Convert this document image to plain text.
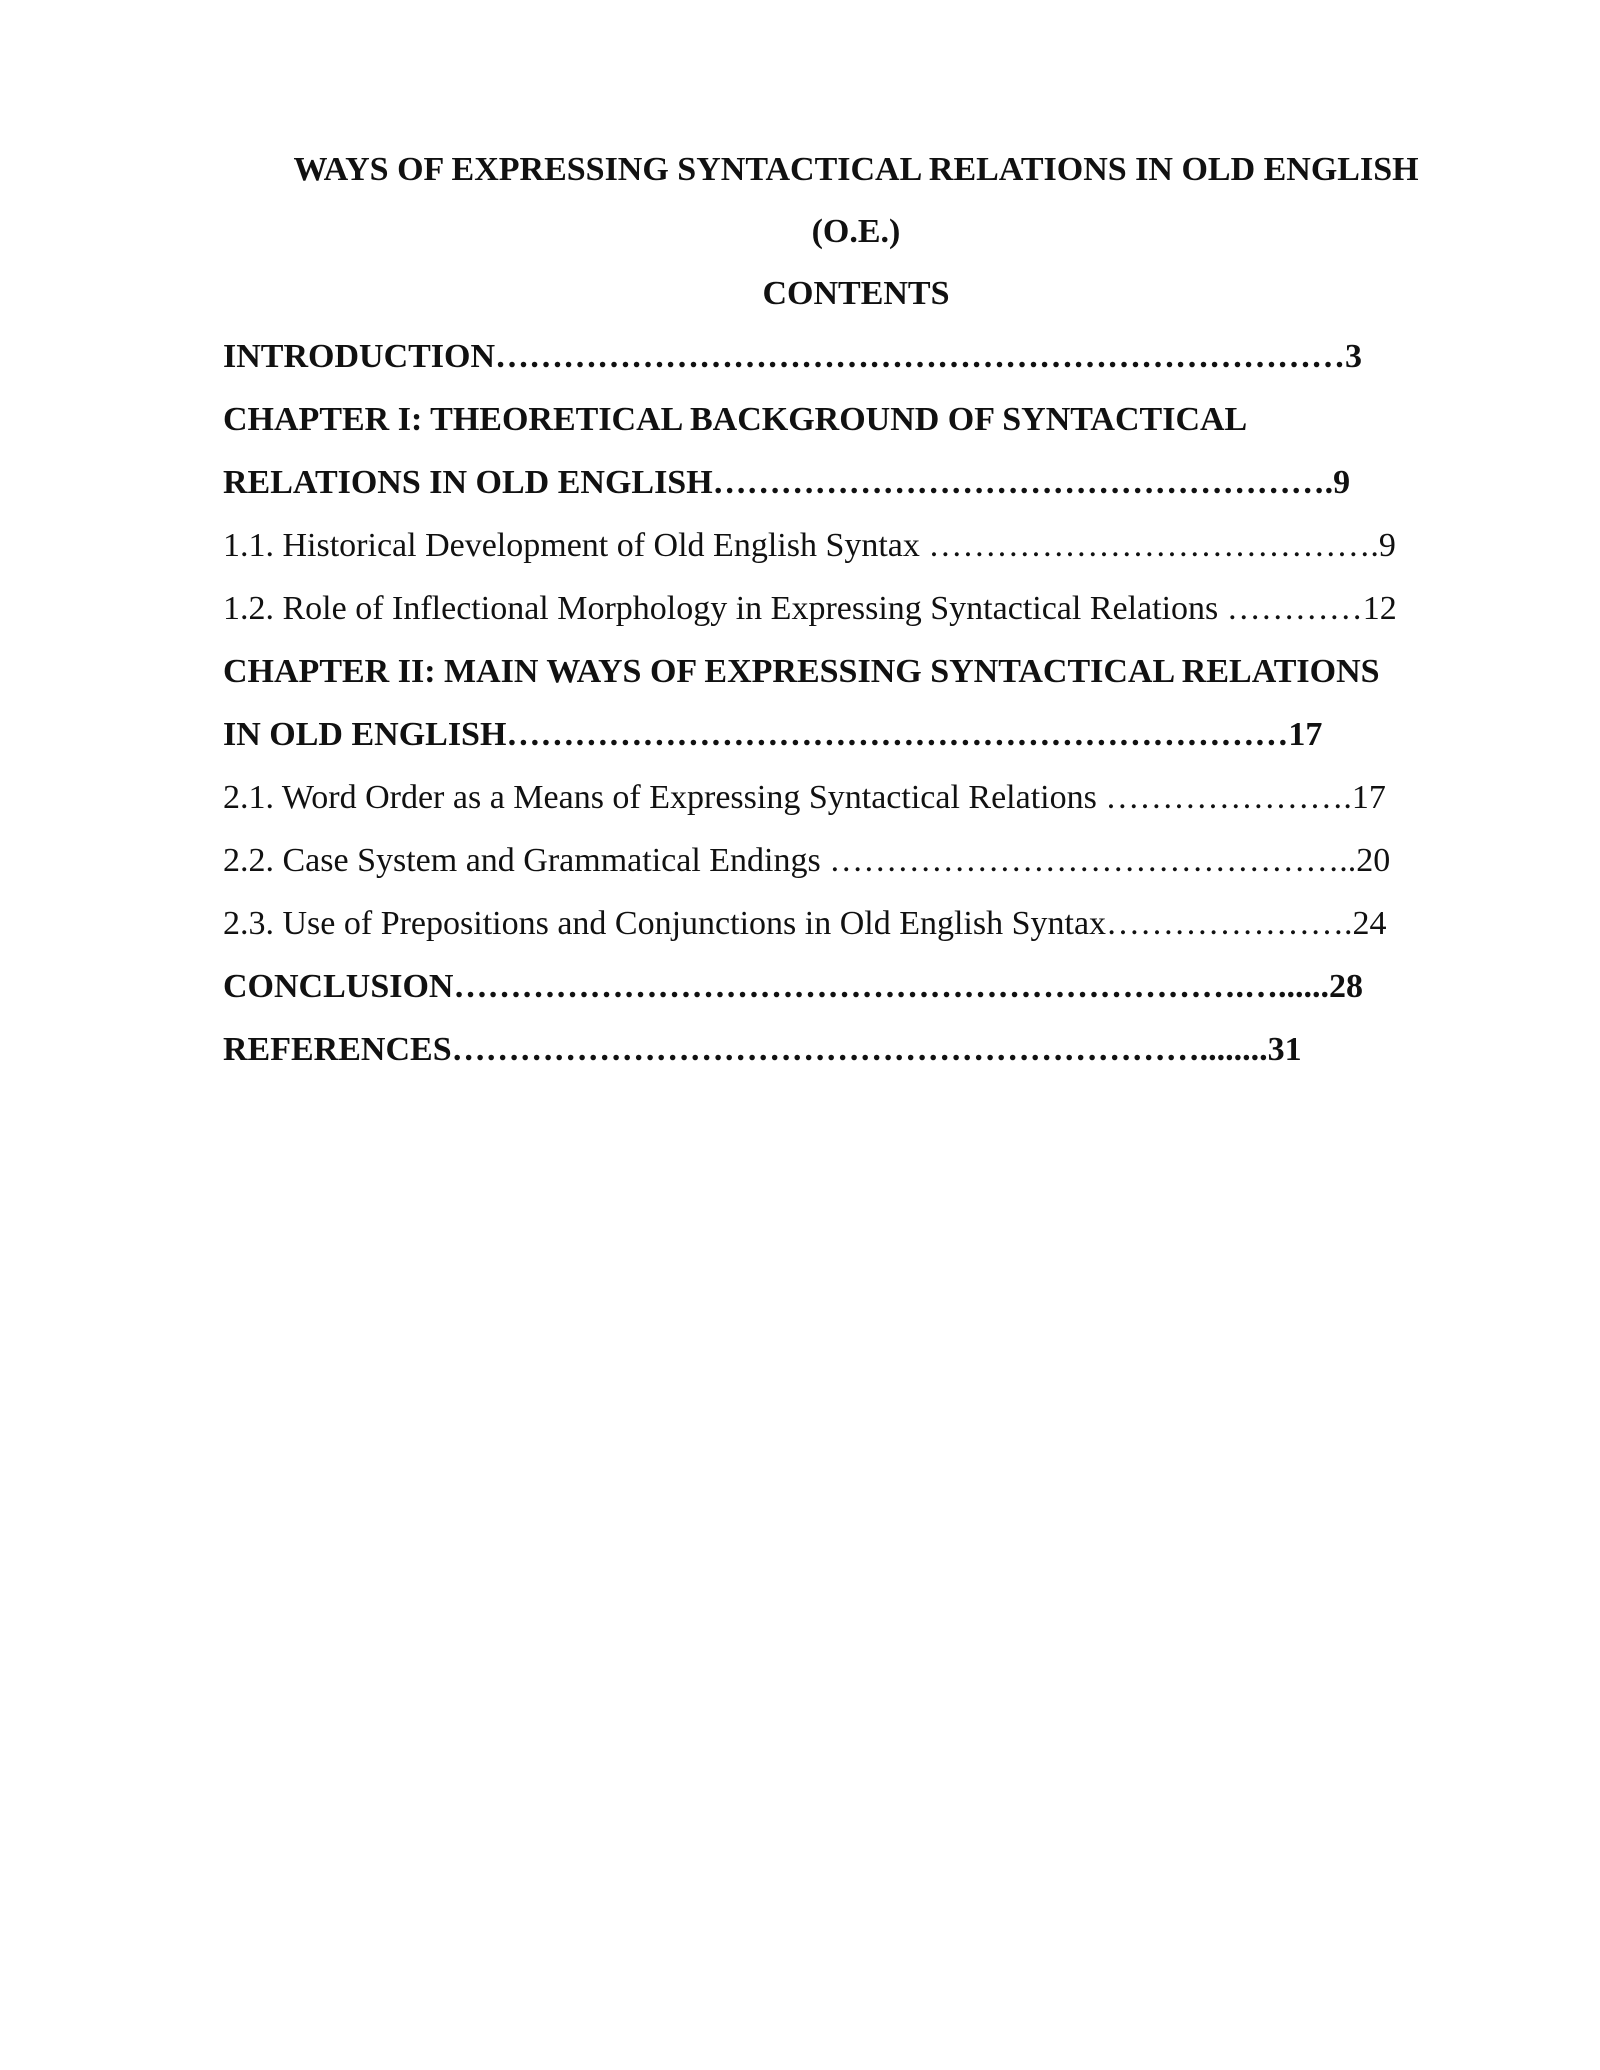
WAYS OF EXPRESSING SYNTACTICAL RELATIONS IN OLD ENGLISH
(O.E.)
CONTENTS
INTRODUCTION…………………………………………………………………3
CHAPTER I: THEORETICAL BACKGROUND OF SYNTACTICAL
RELATIONS IN OLD ENGLISH……………………………………………….9
1.1. Historical Development of Old English Syntax ………………………………….9
1.2. Role of Inflectional Morphology in Expressing Syntactical Relations …………12
CHAPTER II: MAIN WAYS OF EXPRESSING SYNTACTICAL RELATIONS
IN OLD ENGLISH……………………………………………………………17
2.1. Word Order as a Means of Expressing Syntactical Relations ………………….17
2.2. Case System and Grammatical Endings ………………………………………..20
2.3. Use of Prepositions and Conjunctions in Old English Syntax………………….24
CONCLUSION…………………………………………………………….…......28
REFERENCES…………………………………………………………........31
